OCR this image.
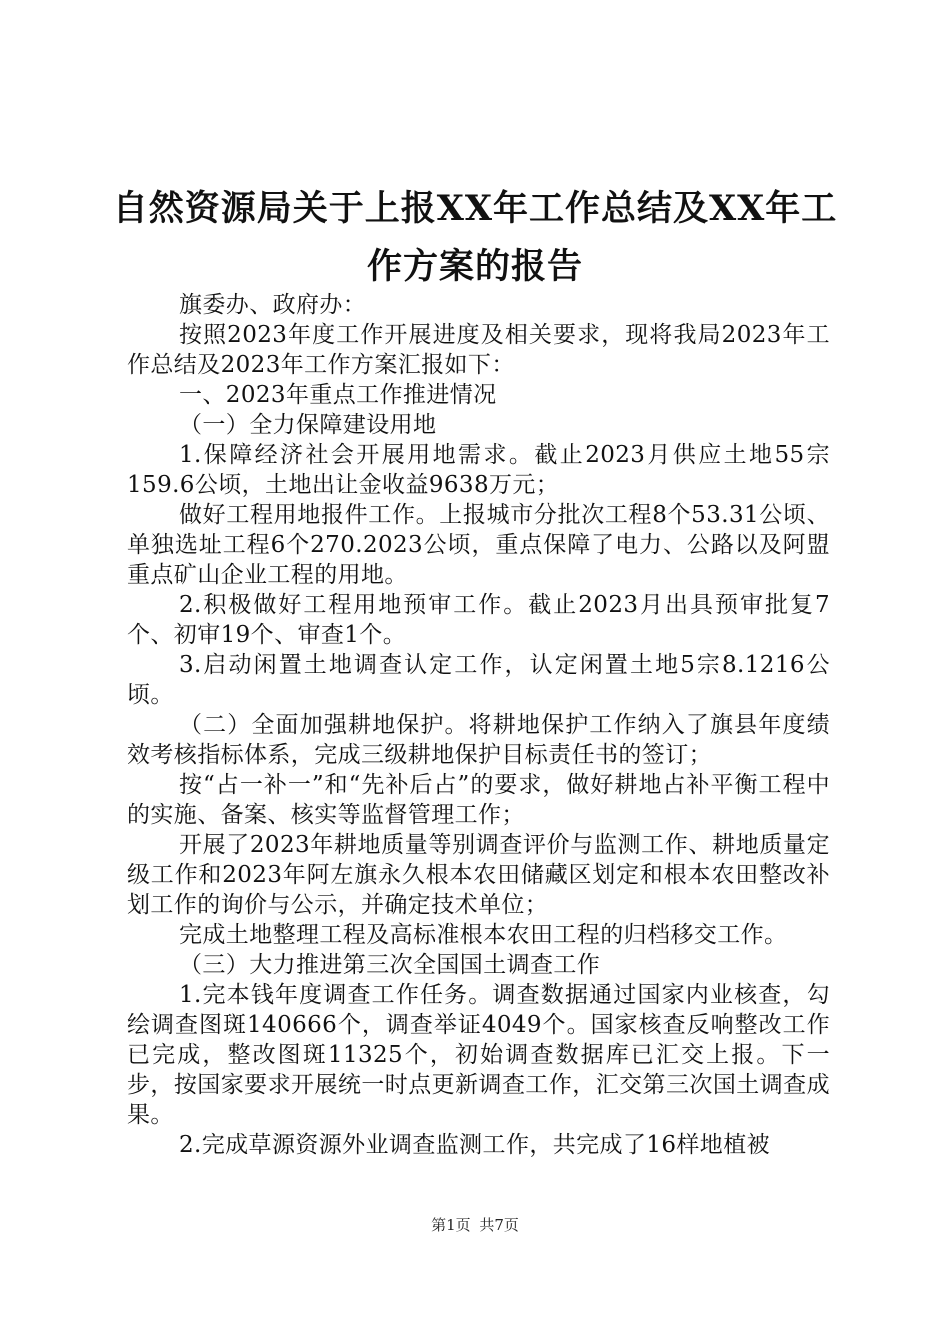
自然资源局关于上报XX年工作总结及XX年工作方案的报告

旗委办、政府办：

按照2023年度工作开展进度及相关要求，现将我局2023年工作总结及2023年工作方案汇报如下：

一、2023年重点工作推进情况

（一）全力保障建设用地

1.保障经济社会开展用地需求。截止2023月供应土地55宗159.6公顷，土地出让金收益9638万元；

做好工程用地报件工作。上报城市分批次工程8个53.31公顷、单独选址工程6个270.2023公顷，重点保障了电力、公路以及阿盟重点矿山企业工程的用地。

2.积极做好工程用地预审工作。截止2023月出具预审批复7个、初审19个、审查1个。

3.启动闲置土地调查认定工作，认定闲置土地5宗8.1216公顷。

（二）全面加强耕地保护。将耕地保护工作纳入了旗县年度绩效考核指标体系，完成三级耕地保护目标责任书的签订；

按“占一补一”和“先补后占”的要求，做好耕地占补平衡工程中的实施、备案、核实等监督管理工作；

开展了2023年耕地质量等别调查评价与监测工作、耕地质量定级工作和2023年阿左旗永久根本农田储藏区划定和根本农田整改补划工作的询价与公示，并确定技术单位；

完成土地整理工程及高标准根本农田工程的归档移交工作。

（三）大力推进第三次全国国土调查工作

1.完本钱年度调查工作任务。调查数据通过国家内业核查，勾绘调查图斑140666个，调查举证4049个。国家核查反响整改工作已完成，整改图斑11325个，初始调查数据库已汇交上报。下一步，按国家要求开展统一时点更新调查工作，汇交第三次国土调查成果。

2.完成草源资源外业调查监测工作，共完成了16样地植被

第1页 共7页
